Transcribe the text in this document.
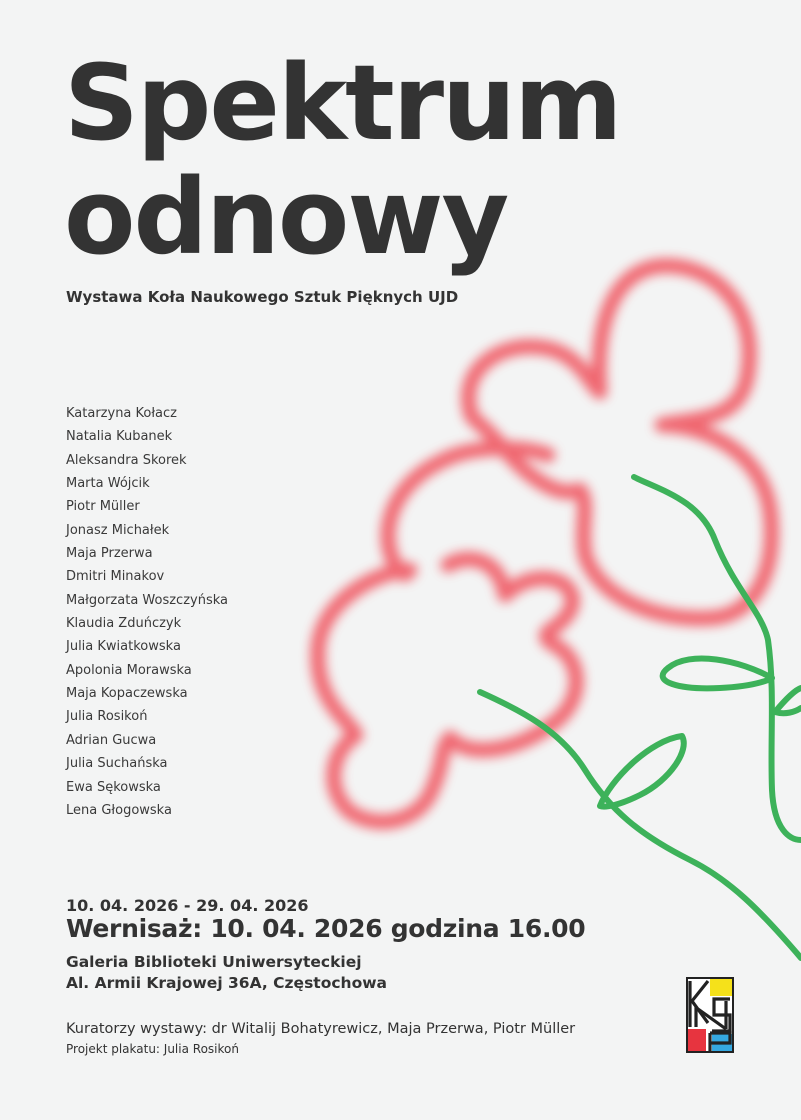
Spektrum
odnowy
Wystawa Koła Naukowego Sztuk Pięknych UJD
Katarzyna Kołacz
Natalia Kubanek
Aleksandra Skorek
Marta Wójcik
Piotr Müller
Jonasz Michałek
Maja Przerwa
Dmitri Minakov
Małgorzata Woszczyńska
Klaudia Zduńczyk
Julia Kwiatkowska
Apolonia Morawska
Maja Kopaczewska
Julia Rosikoń
Adrian Gucwa
Julia Suchańska
Ewa Sękowska
Lena Głogowska
10. 04. 2026 - 29. 04. 2026
Wernisaż: 10. 04. 2026 godzina 16.00
Galeria Biblioteki Uniwersyteckiej
Al. Armii Krajowej 36A, Częstochowa
Kuratorzy wystawy: dr Witalij Bohatyrewicz, Maja Przerwa, Piotr Müller
Projekt plakatu: Julia Rosikoń
